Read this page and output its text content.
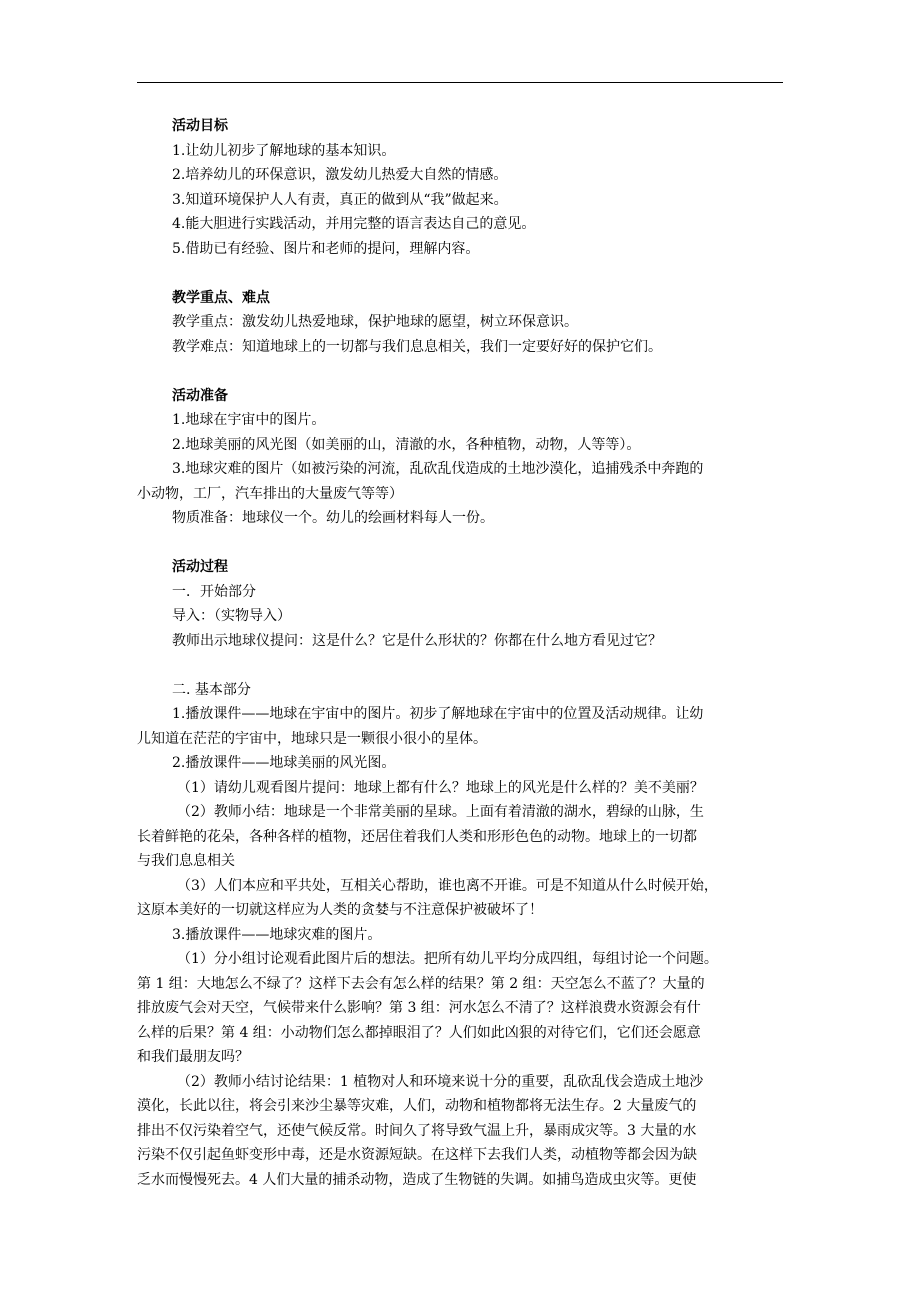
活动目标
1.让幼儿初步了解地球的基本知识。
2.培养幼儿的环保意识，激发幼儿热爱大自然的情感。
3.知道环境保护人人有责，真正的做到从“我”做起来。
4.能大胆进行实践活动，并用完整的语言表达自己的意见。
5.借助已有经验、图片和老师的提问，理解内容。
教学重点、难点
教学重点：激发幼儿热爱地球，保护地球的愿望，树立环保意识。
教学难点：知道地球上的一切都与我们息息相关，我们一定要好好的保护它们。
活动准备
1.地球在宇宙中的图片。
2.地球美丽的风光图（如美丽的山，清澈的水，各种植物，动物，人等等）。
3.地球灾难的图片（如被污染的河流，乱砍乱伐造成的土地沙漠化，追捕残杀中奔跑的
小动物，工厂，汽车排出的大量废气等等）
物质准备：地球仪一个。幼儿的绘画材料每人一份。
活动过程
一．开始部分
导入：（实物导入）
教师出示地球仪提问：这是什么？它是什么形状的？你都在什么地方看见过它？
二. 基本部分
1.播放课件——地球在宇宙中的图片。初步了解地球在宇宙中的位置及活动规律。让幼
儿知道在茫茫的宇宙中，地球只是一颗很小很小的星体。
2.播放课件——地球美丽的风光图。
（1）请幼儿观看图片提问：地球上都有什么？地球上的风光是什么样的？美不美丽？
（2）教师小结：地球是一个非常美丽的星球。上面有着清澈的湖水，碧绿的山脉，生
长着鲜艳的花朵，各种各样的植物，还居住着我们人类和形形色色的动物。地球上的一切都
与我们息息相关
（3）人们本应和平共处，互相关心帮助，谁也离不开谁。可是不知道从什么时候开始，
这原本美好的一切就这样应为人类的贪婪与不注意保护被破坏了！
3.播放课件——地球灾难的图片。
（1）分小组讨论观看此图片后的想法。把所有幼儿平均分成四组，每组讨论一个问题。
第 1 组：大地怎么不绿了？这样下去会有怎么样的结果？第 2 组：天空怎么不蓝了？大量的
排放废气会对天空，气候带来什么影响？第 3 组：河水怎么不清了？这样浪费水资源会有什
么样的后果？第 4 组：小动物们怎么都掉眼泪了？人们如此凶狠的对待它们，它们还会愿意
和我们最朋友吗？
（2）教师小结讨论结果：1 植物对人和环境来说十分的重要，乱砍乱伐会造成土地沙
漠化，长此以往，将会引来沙尘暴等灾难，人们，动物和植物都将无法生存。2 大量废气的
排出不仅污染着空气，还使气候反常。时间久了将导致气温上升，暴雨成灾等。3 大量的水
污染不仅引起鱼虾变形中毒，还是水资源短缺。在这样下去我们人类，动植物等都会因为缺
乏水而慢慢死去。4 人们大量的捕杀动物，造成了生物链的失调。如捕鸟造成虫灾等。更使
